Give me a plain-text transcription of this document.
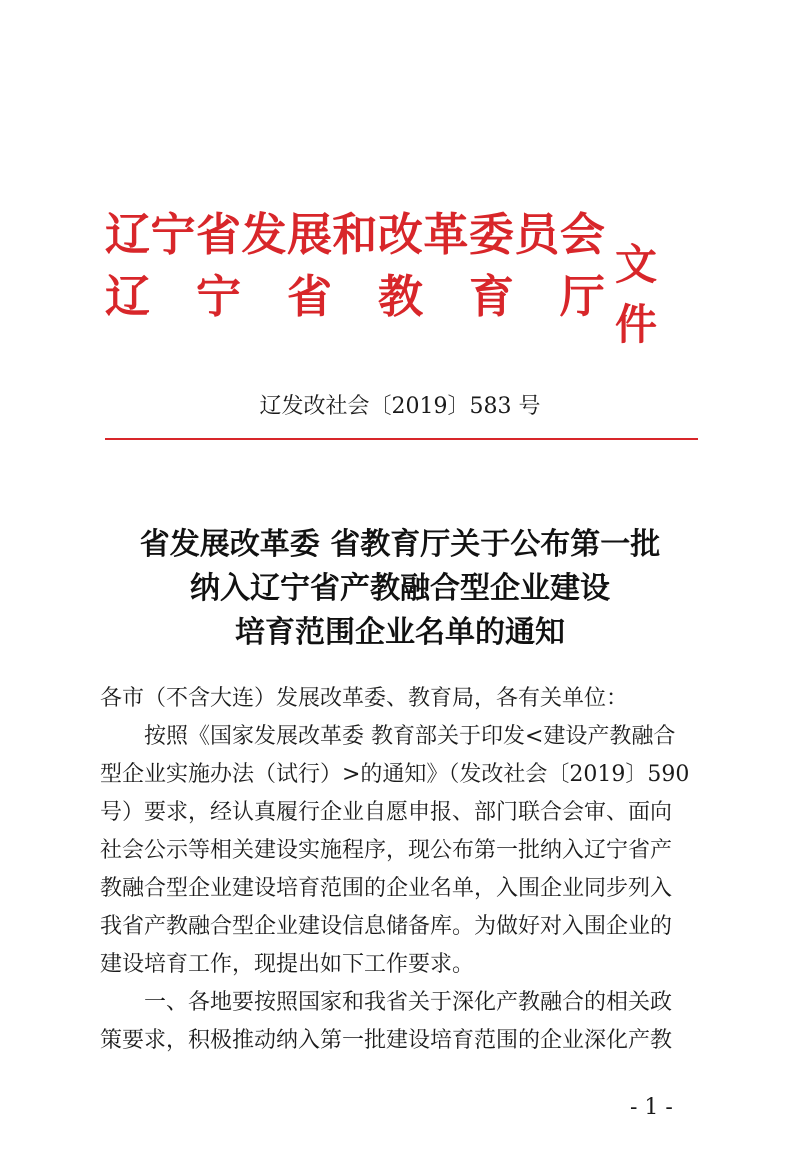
辽 宁 省 发 展 和 改 革 委 员 会
辽 宁 省 教 育 厅
文件
辽发改社会〔2019〕583 号
省发展改革委 省教育厅关于公布第一批
纳入辽宁省产教融合型企业建设
培育范围企业名单的通知
各市（不含大连）发展改革委、教育局，各有关单位：
　　按照《国家发展改革委 教育部关于印发<建设产教融合
型企业实施办法（试行）>的通知》（发改社会〔2019〕590
号）要求，经认真履行企业自愿申报、部门联合会审、面向
社会公示等相关建设实施程序，现公布第一批纳入辽宁省产
教融合型企业建设培育范围的企业名单，入围企业同步列入
我省产教融合型企业建设信息储备库。为做好对入围企业的
建设培育工作，现提出如下工作要求。
　　一、各地要按照国家和我省关于深化产教融合的相关政
策要求，积极推动纳入第一批建设培育范围的企业深化产教
- 1 -
